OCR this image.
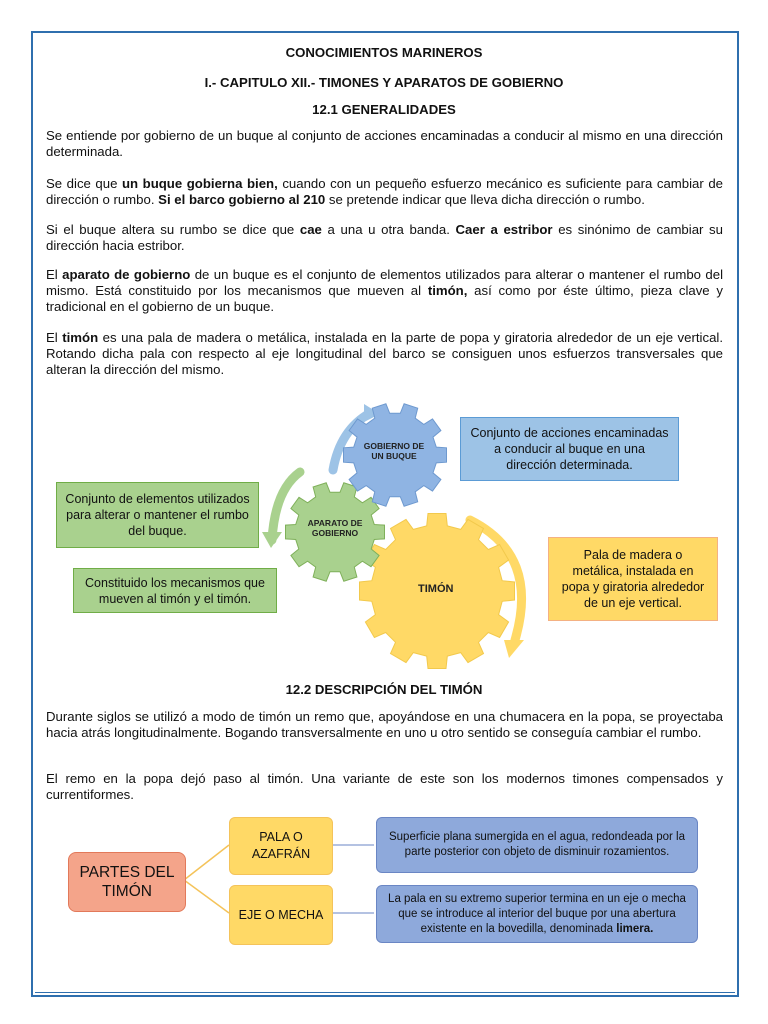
CONOCIMIENTOS MARINEROS
I.- CAPITULO XII.- TIMONES Y APARATOS DE GOBIERNO
12.1 GENERALIDADES

Se entiende por gobierno de un buque al conjunto de acciones encaminadas a conducir al mismo en una dirección determinada.

Se dice que un buque gobierna bien, cuando con un pequeño esfuerzo mecánico es suficiente para cambiar de dirección o rumbo. Si el barco gobierno al 210 se pretende indicar que lleva dicha dirección o rumbo.

Si el buque altera su rumbo se dice que cae a una u otra banda. Caer a estribor es sinónimo de cambiar su dirección hacia estribor.

El aparato de gobierno de un buque es el conjunto de elementos utilizados para alterar o mantener el rumbo del mismo. Está constituido por los mecanismos que mueven al timón, así como por éste último, pieza clave y tradicional en el gobierno de un buque.

El timón es una pala de madera o metálica, instalada en la parte de popa y giratoria alrededor de un eje vertical. Rotando dicha pala con respecto al eje longitudinal del barco se consiguen unos esfuerzos transversales que alteran la dirección del mismo.

GOBIERNO DE UN BUQUE
APARATO DE GOBIERNO
TIMÓN
Conjunto de acciones encaminadas a conducir al buque en una dirección determinada.
Conjunto de elementos utilizados para alterar o mantener el rumbo del buque.
Constituido los mecanismos que mueven al timón y el timón.
Pala de madera o metálica, instalada en popa y giratoria alrededor de un eje vertical.
12.2 DESCRIPCIÓN DEL TIMÓN

Durante siglos se utilizó a modo de timón un remo que, apoyándose en una chumacera en la popa, se proyectaba hacia atrás longitudinalmente. Bogando transversalmente en uno u otro sentido se conseguía cambiar el rumbo.

El remo en la popa dejó paso al timón. Una variante de este son los modernos timones compensados y currentiformes.

PARTES DEL TIMÓN
PALA O AZAFRÁN
EJE O MECHA
Superficie plana sumergida en el agua, redondeada por la parte posterior con objeto de disminuir rozamientos.
La pala en su extremo superior termina en un eje o mecha que se introduce al interior del buque por una abertura existente en la bovedilla, denominada limera.
